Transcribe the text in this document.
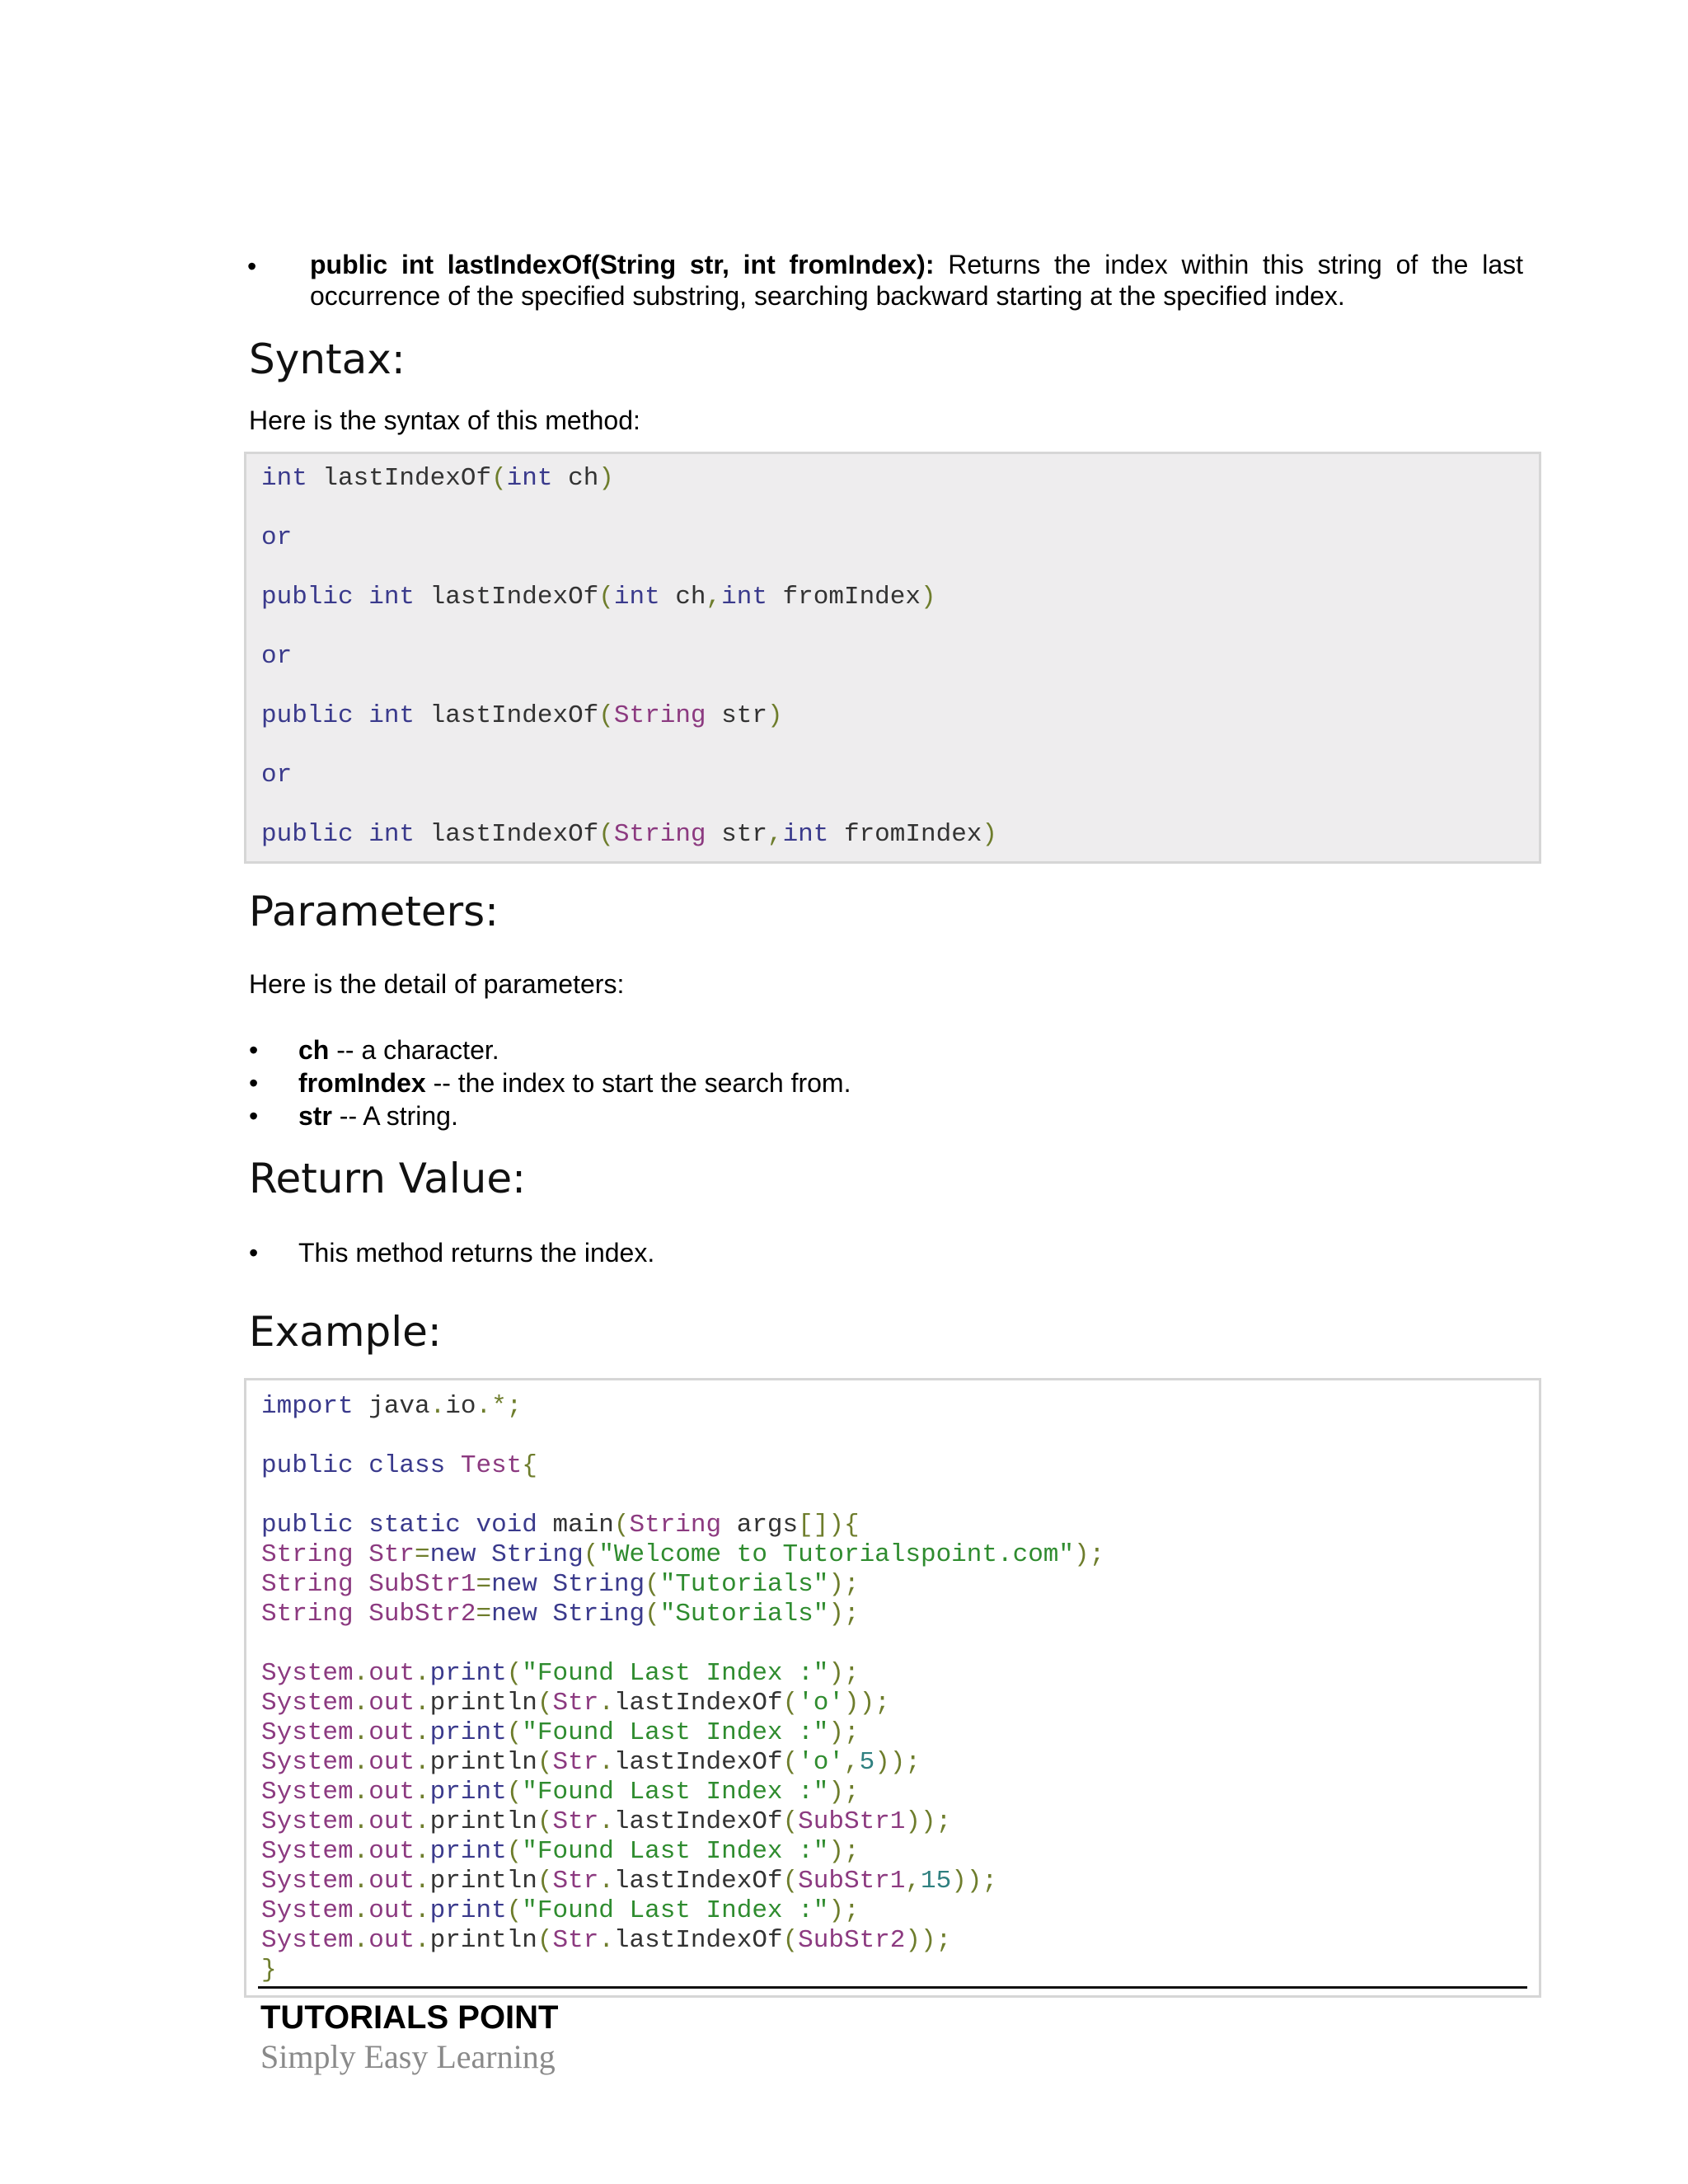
• public int lastIndexOf(String str, int fromIndex): Returns the index within this string of the last occurrence of the specified substring, searching backward starting at the specified index.
Syntax:
Here is the syntax of this method:
int lastIndexOf(int ch)
or
public int lastIndexOf(int ch,int fromIndex)
or
public int lastIndexOf(String str)
or
public int lastIndexOf(String str,int fromIndex)
Parameters:
Here is the detail of parameters:
• ch -- a character.
• fromIndex -- the index to start the search from.
• str -- A string.
Return Value:
• This method returns the index.
Example:
import java.io.*;
public class Test{
public static void main(String args[]){
String Str=new String("Welcome to Tutorialspoint.com");
String SubStr1=new String("Tutorials");
String SubStr2=new String("Sutorials");
System.out.print("Found Last Index :");
System.out.println(Str.lastIndexOf('o'));
System.out.print("Found Last Index :");
System.out.println(Str.lastIndexOf('o',5));
System.out.print("Found Last Index :");
System.out.println(Str.lastIndexOf(SubStr1));
System.out.print("Found Last Index :");
System.out.println(Str.lastIndexOf(SubStr1,15));
System.out.print("Found Last Index :");
System.out.println(Str.lastIndexOf(SubStr2));
}
TUTORIALS POINT
Simply Easy Learning
